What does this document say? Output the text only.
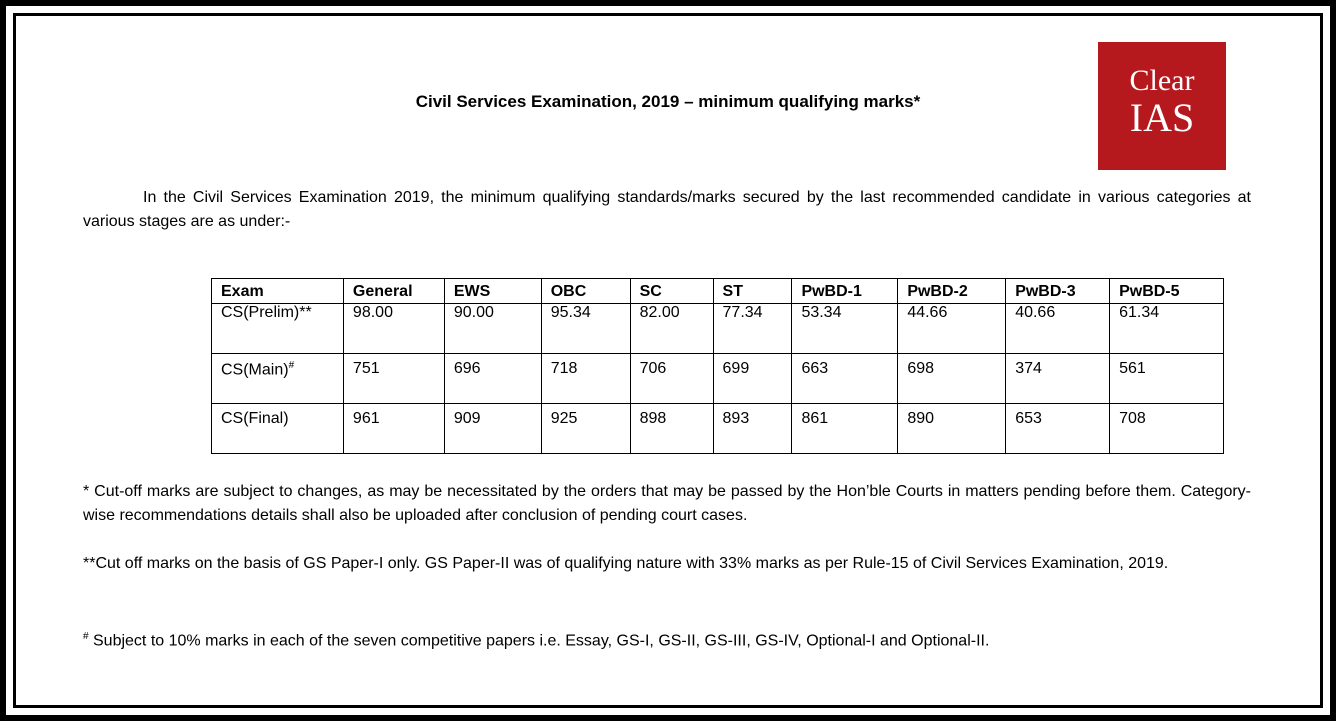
Civil Services Examination, 2019 – minimum qualifying marks*
Clear
IAS
In the Civil Services Examination 2019, the minimum qualifying standards/marks secured by the last recommended candidate in various categories at various stages are as under:-
Exam	General	EWS	OBC	SC	ST	PwBD-1	PwBD-2	PwBD-3	PwBD-5
CS(Prelim)**	98.00	90.00	95.34	82.00	77.34	53.34	44.66	40.66	61.34
CS(Main)#	751	696	718	706	699	663	698	374	561
CS(Final)	961	909	925	898	893	861	890	653	708
* Cut-off marks are subject to changes, as may be necessitated by the orders that may be passed by the Hon’ble Courts in matters pending before them. Category-wise recommendations details shall also be uploaded after conclusion of pending court cases.
**Cut off marks on the basis of GS Paper-I only. GS Paper-II was of qualifying nature with 33% marks as per Rule-15 of Civil Services Examination, 2019.
# Subject to 10% marks in each of the seven competitive papers i.e. Essay, GS-I, GS-II, GS-III, GS-IV, Optional-I and Optional-II.
